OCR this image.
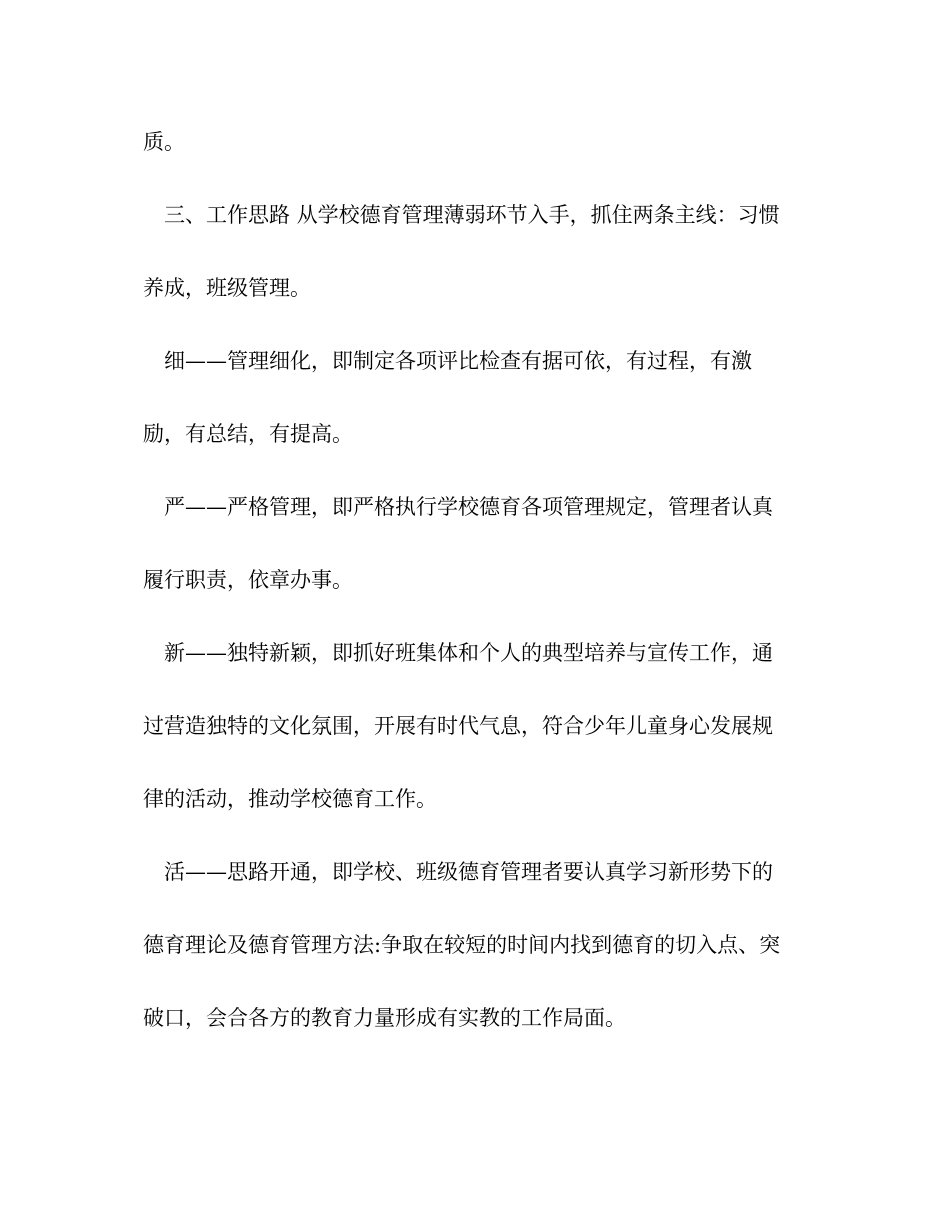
质。
三、工作思路 从学校德育管理薄弱环节入手，抓住两条主线：习惯
养成，班级管理。
细——管理细化，即制定各项评比检查有据可依，有过程，有激
励，有总结，有提高。
严——严格管理，即严格执行学校德育各项管理规定，管理者认真
履行职责，依章办事。
新——独特新颖，即抓好班集体和个人的典型培养与宣传工作，通
过营造独特的文化氛围，开展有时代气息，符合少年儿童身心发展规
律的活动，推动学校德育工作。
活——思路开通，即学校、班级德育管理者要认真学习新形势下的
德育理论及德育管理方法:争取在较短的时间内找到德育的切入点、突
破口，会合各方的教育力量形成有实教的工作局面。
